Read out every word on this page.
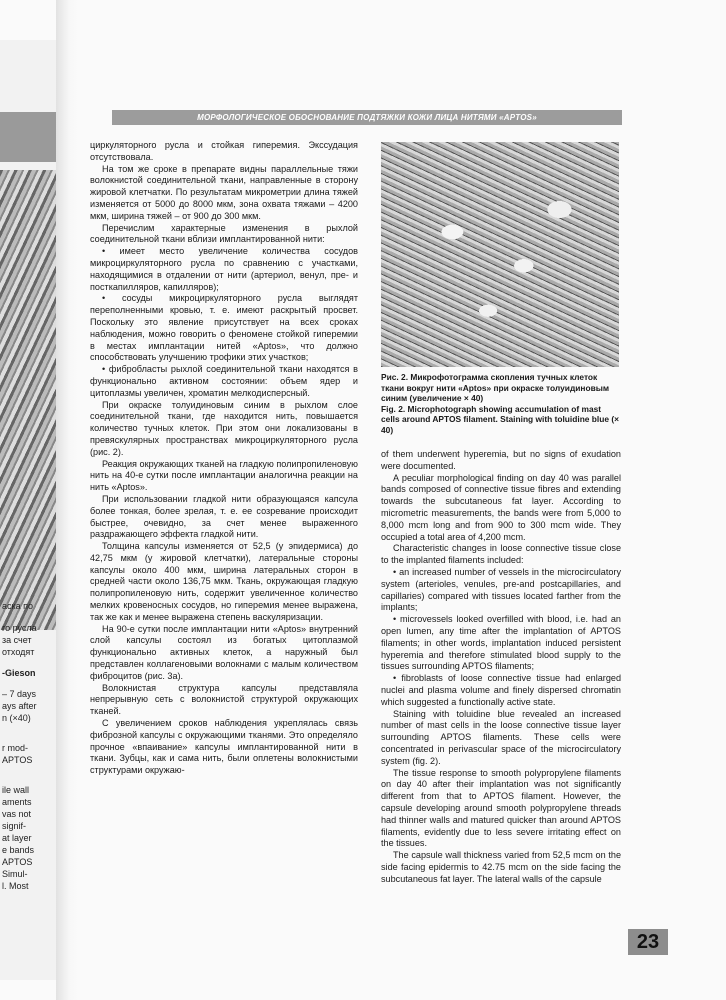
аска по
го русла
за счет
отходят
-Gieson
– 7 days
ays after
n (×40)
r mod-
APTOS
ile wall
aments
vas not
signif-
at layer
e bands
APTOS
Simul-
l. Most
МОРФОЛОГИЧЕСКОЕ ОБОСНОВАНИЕ ПОДТЯЖКИ КОЖИ ЛИЦА НИТЯМИ «APTOS»

циркуляторного русла и стойкая гиперемия. Экссудация отсутствовала.

На том же сроке в препарате видны параллельные тяжи волокнистой соединительной ткани, направленные в сторону жировой клетчатки. По результатам микрометрии длина тяжей изменяется от 5000 до 8000 мкм, зона охвата тяжами – 4200 мкм, ширина тяжей – от 900 до 300 мкм.

Перечислим характерные изменения в рыхлой соединительной ткани вблизи имплантированной нити:

• имеет место увеличение количества сосудов микроциркуляторного русла по сравнению с участками, находящимися в отдалении от нити (артериол, венул, пре- и посткапилляров, капилляров);

• сосуды микроциркуляторного русла выглядят переполненными кровью, т. е. имеют раскрытый просвет. Поскольку это явление присутствует на всех сроках наблюдения, можно говорить о феномене стойкой гиперемии в местах имплантации нитей «Aptos», что должно способствовать улучшению трофики этих участков;

• фибробласты рыхлой соединительной ткани находятся в функционально активном состоянии: объем ядер и цитоплазмы увеличен, хроматин мелкодисперсный.

При окраске толуидиновым синим в рыхлом слое соединительной ткани, где находится нить, повышается количество тучных клеток. При этом они локализованы в превяскулярных пространствах микроциркуляторного русла (рис. 2).

Реакция окружающих тканей на гладкую полипропиленовую нить на 40-е сутки после имплантации аналогична реакции на нить «Aptos».

При использовании гладкой нити образующаяся капсула более тонкая, более зрелая, т. е. ее созревание происходит быстрее, очевидно, за счет менее выраженного раздражающего эффекта гладкой нити.

Толщина капсулы изменяется от 52,5 (у эпидермиса) до 42,75 мкм (у жировой клетчатки), латеральные стороны капсулы около 400 мкм, ширина латеральных сторон в средней части около 136,75 мкм. Ткань, окружающая гладкую полипропиленовую нить, содержит увеличенное количество мелких кровеносных сосудов, но гиперемия менее выражена, так же как и менее выражена степень васкуляризации.

На 90-е сутки после имплантации нити «Aptos» внутренний слой капсулы состоял из богатых цитоплазмой функционально активных клеток, а наружный был представлен коллагеновыми волокнами с малым количеством фиброцитов (рис. 3а).

Волокнистая структура капсулы представляла непрерывную сеть с волокнистой структурой окружающих тканей.

С увеличением сроков наблюдения укреплялась связь фиброзной капсулы с окружающими тканями. Это определяло прочное «впаивание» капсулы имплантированной нити в ткани. Зубцы, как и сама нить, были оплетены волокнистыми структурами окружаю-

Рис. 2. Микрофотограмма скопления тучных клеток ткани вокруг нити «Aptos» при окраске толуидиновым синим (увеличение × 40)
Fig. 2. Microphotograph showing accumulation of mast cells around APTOS filament. Staining with toluidine blue (× 40)

of them underwent hyperemia, but no signs of exudation were documented.

A peculiar morphological finding on day 40 was parallel bands composed of connective tissue fibres and extending towards the subcutaneous fat layer. According to micrometric measurements, the bands were from 5,000 to 8,000 mcm long and from 900 to 300 mcm wide. They occupied a total area of 4,200 mcm.

Characteristic changes in loose connective tissue close to the implanted filaments included:

• an increased number of vessels in the microcirculatory system (arterioles, venules, pre-and postcapillaries, and capillaries) compared with tissues located farther from the implants;

• microvessels looked overfilled with blood, i.e. had an open lumen, any time after the implantation of APTOS filaments; in other words, implantation induced persistent hyperemia and therefore stimulated blood supply to the tissues surrounding APTOS filaments;

• fibroblasts of loose connective tissue had enlarged nuclei and plasma volume and finely dispersed chromatin which suggested a functionally active state.

Staining with toluidine blue revealed an increased number of mast cells in the loose connective tissue layer surrounding APTOS filaments. These cells were concentrated in perivascular space of the microcirculatory system (fig. 2).

The tissue response to smooth polypropylene filaments on day 40 after their implantation was not significantly different from that to APTOS filament. However, the capsule developing around smooth polypropylene threads had thinner walls and matured quicker than around APTOS filaments, evidently due to less severe irritating effect on the tissues.

The capsule wall thickness varied from 52,5 mcm on the side facing epidermis to 42.75 mcm on the side facing the subcutaneous fat layer. The lateral walls of the capsule

23
